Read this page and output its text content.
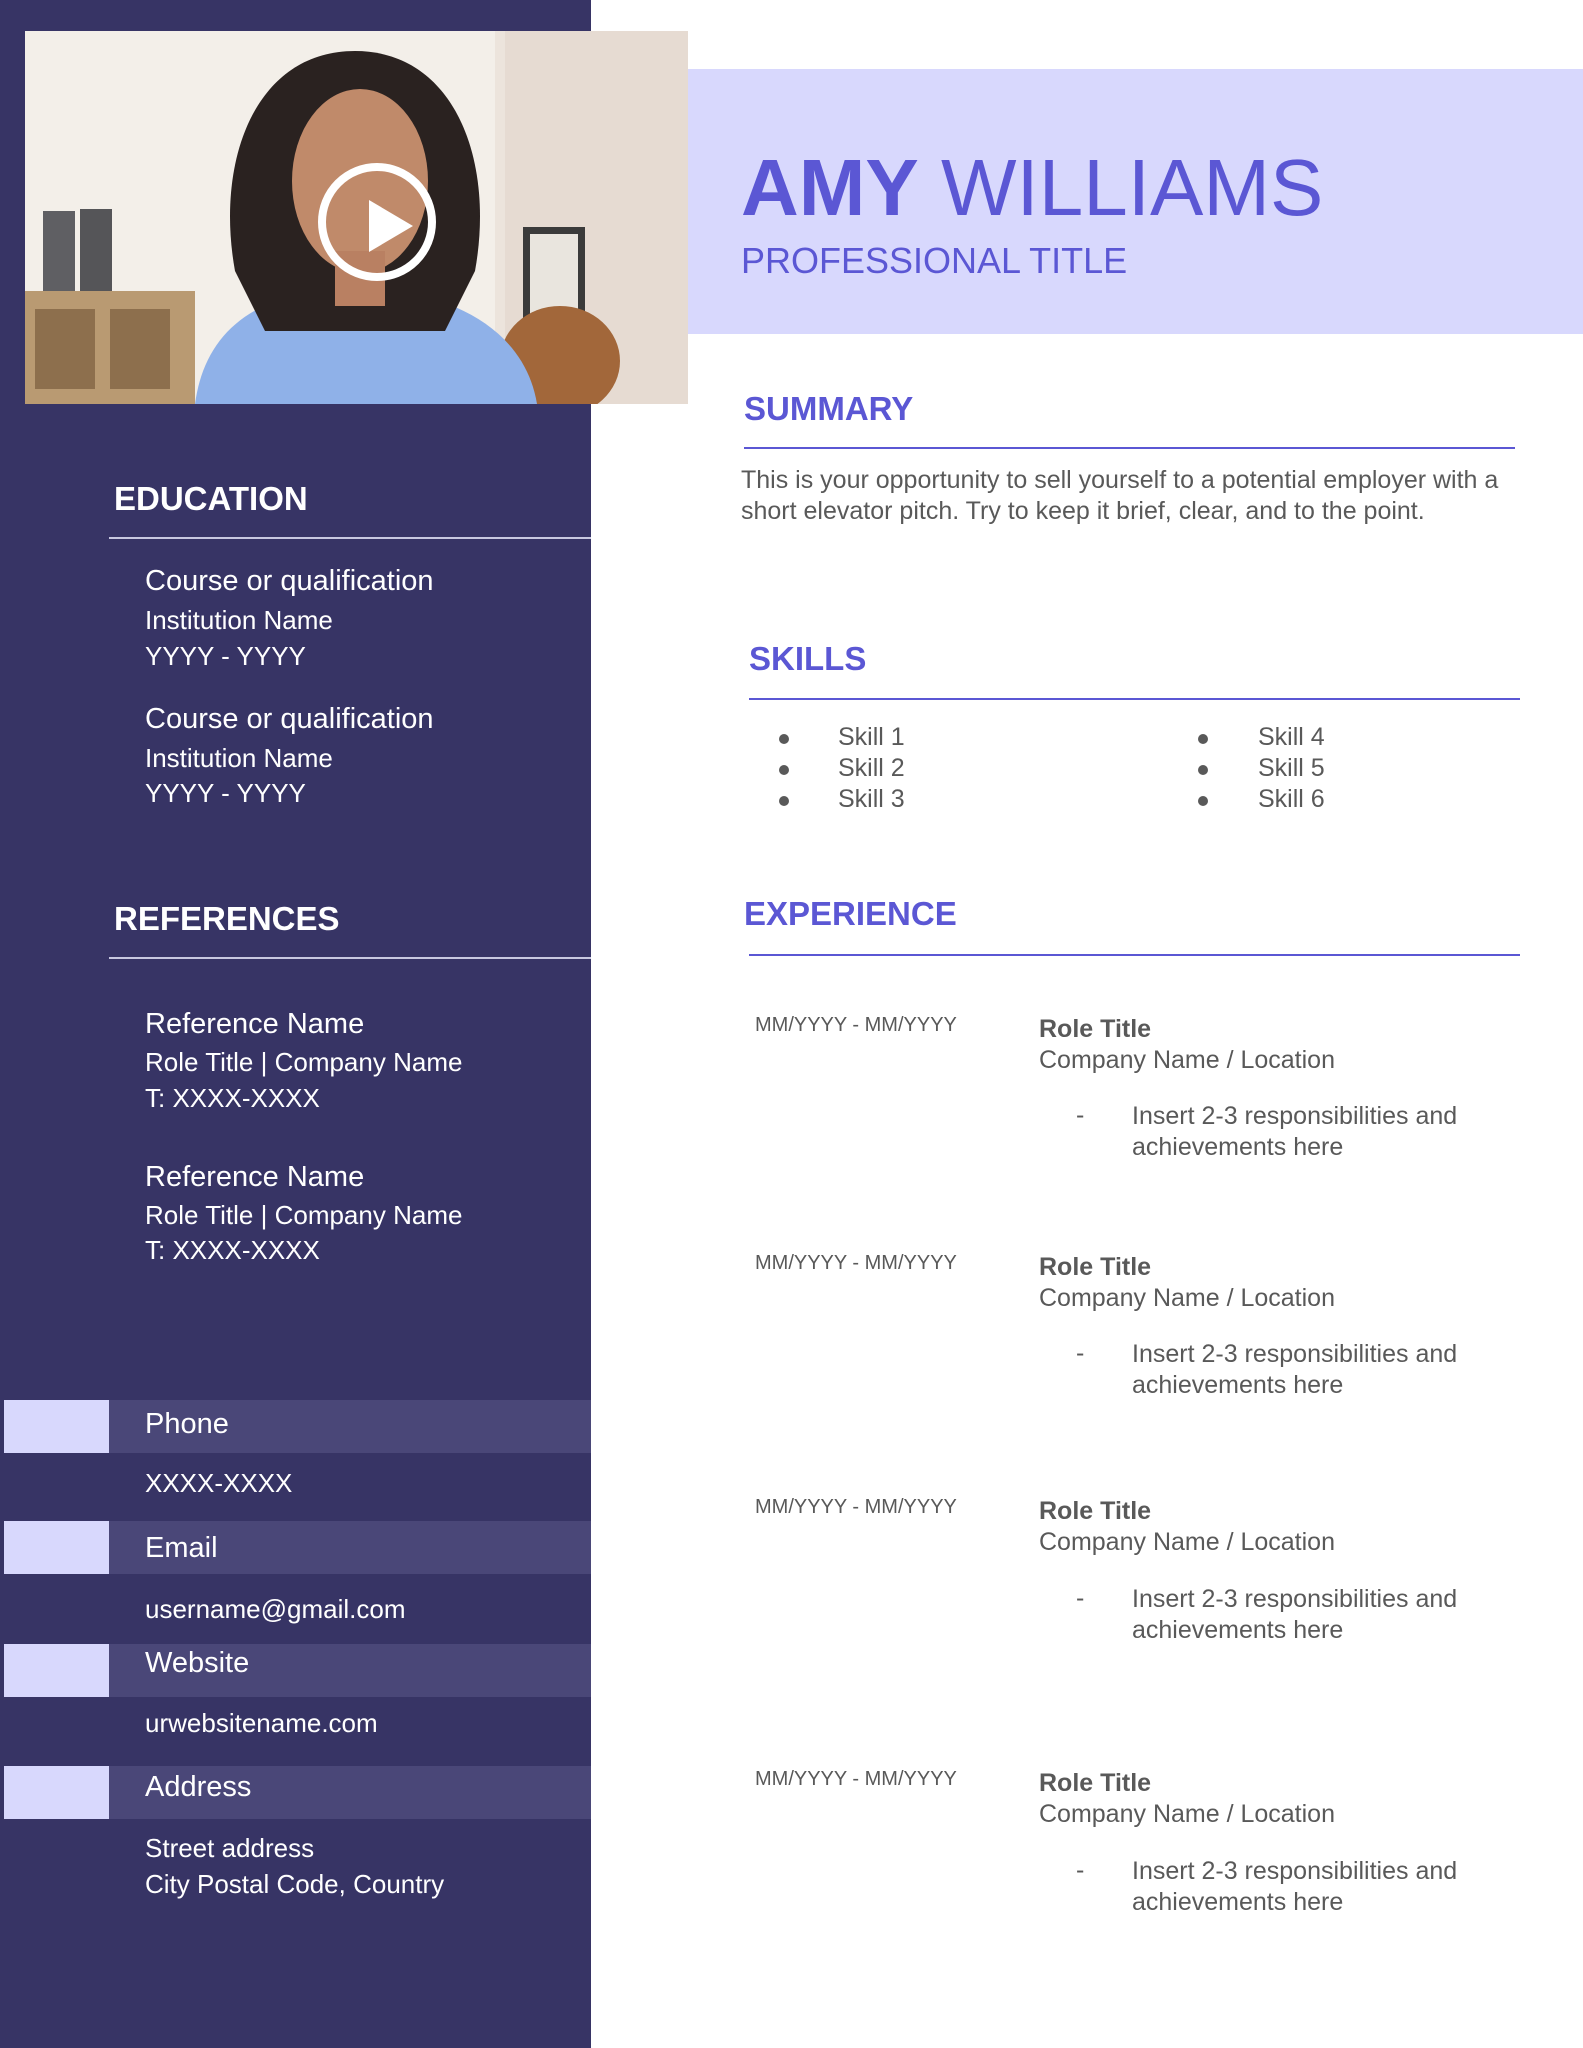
AMY WILLIAMS
PROFESSIONAL TITLE
EDUCATION
Course or qualification
Institution Name
YYYY - YYYY
Course or qualification
Institution Name
YYYY - YYYY
REFERENCES
Reference Name
Role Title | Company Name
T: XXXX-XXXX
Reference Name
Role Title | Company Name
T: XXXX-XXXX
Phone
XXXX-XXXX
Email
username@gmail.com
Website
urwebsitename.com
Address
Street address
City Postal Code, Country
SUMMARY
This is your opportunity to sell yourself to a potential employer with a short elevator pitch. Try to keep it brief, clear, and to the point.
SKILLS
Skill 1
Skill 2
Skill 3
Skill 4
Skill 5
Skill 6
EXPERIENCE
MM/YYYY - MM/YYYY	Role Title
Company Name / Location
- Insert 2-3 responsibilities and achievements here
MM/YYYY - MM/YYYY	Role Title
Company Name / Location
- Insert 2-3 responsibilities and achievements here
MM/YYYY - MM/YYYY	Role Title
Company Name / Location
- Insert 2-3 responsibilities and achievements here
MM/YYYY - MM/YYYY	Role Title
Company Name / Location
- Insert 2-3 responsibilities and achievements here
